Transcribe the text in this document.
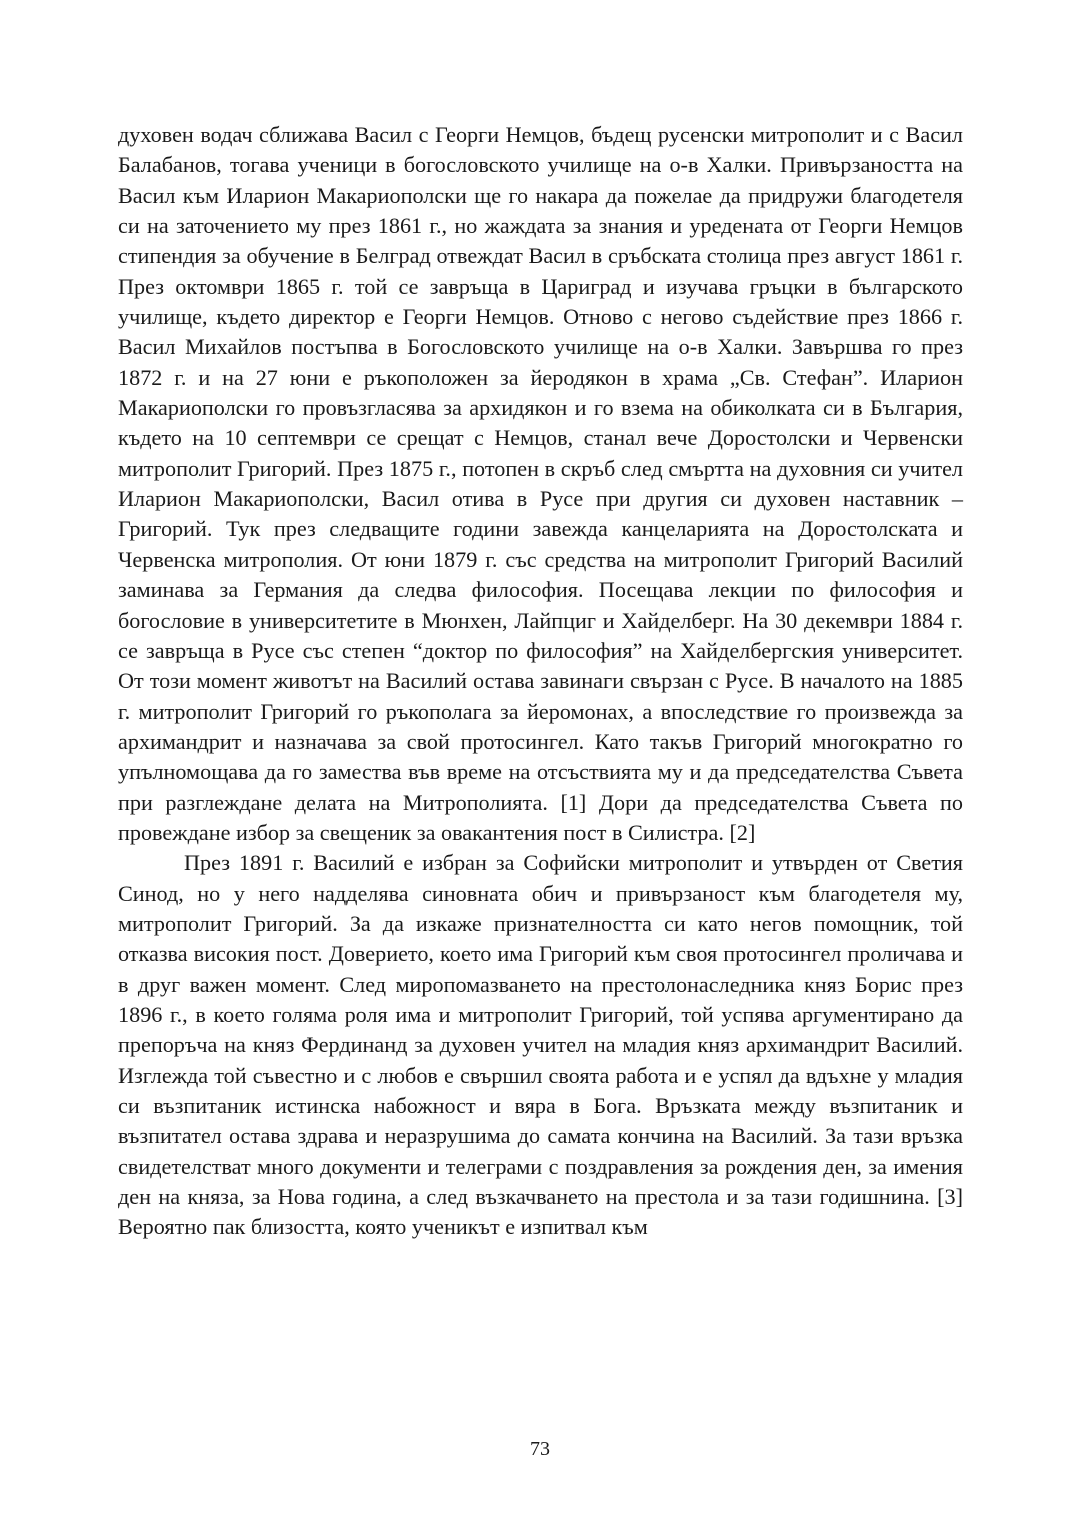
духовен водач сближава Васил с Георги Немцов, бъдещ русенски митрополит и с Васил Балабанов, тогава ученици в богословското училище на о-в Халки. Привързаността на Васил към Иларион Макариополски ще го накара да пожелае да придружи благодетеля си на заточението му през 1861 г., но жаждата за знания и уредената от Георги Немцов стипендия за обучение в Белград отвеждат Васил в сръбската столица през август 1861 г. През октомври 1865 г. той се завръща в Цариград и изучава гръцки в българското училище, където директор е Георги Немцов. Отново с негово съдействие през 1866 г. Васил Михайлов постъпва в Богословското училище на о-в Халки. Завършва го през 1872 г. и на 27 юни е ръкоположен за йеродякон в храма „Св. Стефан”. Иларион Макариополски го провъзгласява за архидякон и го взема на обиколката си в България, където на 10 септември се срещат с Немцов, станал вече Доростолски и Червенски митрополит Григорий. През 1875 г., потопен в скръб след смъртта на духовния си учител Иларион Макариополски, Васил отива в Русе при другия си духовен наставник – Григорий. Тук през следващите години завежда канцеларията на Доростолската и Червенска митрополия. От юни 1879 г. със средства на митрополит Григорий Василий заминава за Германия да следва философия. Посещава лекции по философия и богословие в университетите в Мюнхен, Лайпциг и Хайделберг. На 30 декември 1884 г. се завръща в Русе със степен “доктор по философия” на Хайделбергския университет. От този момент животът на Василий остава завинаги свързан с Русе. В началото на 1885 г. митрополит Григорий го ръкополага за йеромонах, а впоследствие го произвежда за архимандрит и назначава за свой протосингел. Като такъв Григорий многократно го упълномощава да го замества във време на отсъствията му и да председателства Съвета при разглеждане делата на Митрополията. [1] Дори да председателства Съвета по провеждане избор за свещеник за овакантения пост в Силистра. [2]

През 1891 г. Василий е избран за Софийски митрополит и утвърден от Светия Синод, но у него надделява синовната обич и привързаност към благодетеля му, митрополит Григорий. За да изкаже признателността си като негов помощник, той отказва високия пост. Доверието, което има Григорий към своя протосингел проличава и в друг важен момент. След миропомазването на престолонаследника княз Борис през 1896 г., в което голяма роля има и митрополит Григорий, той успява аргументирано да препоръча на княз Фердинанд за духовен учител на младия княз архимандрит Василий. Изглежда той съвестно и с любов е свършил своята работа и е успял да вдъхне у младия си възпитаник истинска набожност и вяра в Бога. Връзката между възпитаник и възпитател остава здрава и неразрушима до самата кончина на Василий. За тази връзка свидетелстват много документи и телеграми с поздравления за рождения ден, за имения ден на княза, за Нова година, а след възкачването на престола и за тази годишнина. [3] Вероятно пак близостта, която ученикът е изпитвал към

73
